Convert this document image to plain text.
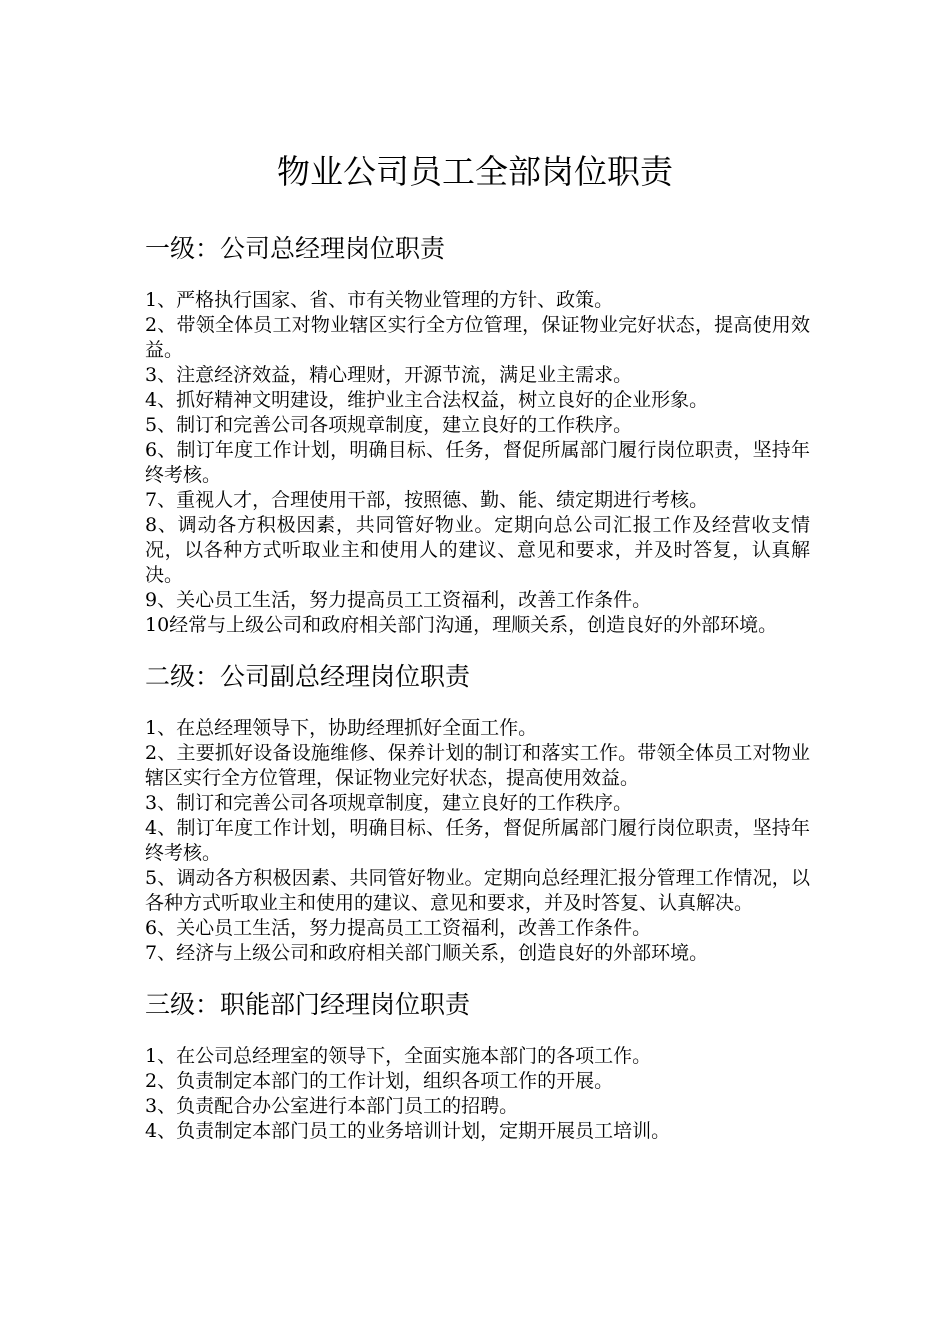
物业公司员工全部岗位职责
一级：公司总经理岗位职责
1、严格执行国家、省、市有关物业管理的方针、政策。
2、带领全体员工对物业辖区实行全方位管理，保证物业完好状态，提高使用效益。
3、注意经济效益，精心理财，开源节流，满足业主需求。
4、抓好精神文明建设，维护业主合法权益，树立良好的企业形象。
5、制订和完善公司各项规章制度，建立良好的工作秩序。
6、制订年度工作计划，明确目标、任务，督促所属部门履行岗位职责，坚持年终考核。
7、重视人才，合理使用干部，按照德、勤、能、绩定期进行考核。
8、调动各方积极因素，共同管好物业。定期向总公司汇报工作及经营收支情况，以各种方式听取业主和使用人的建议、意见和要求，并及时答复，认真解决。
9、关心员工生活，努力提高员工工资福利，改善工作条件。
10经常与上级公司和政府相关部门沟通，理顺关系，创造良好的外部环境。
二级：公司副总经理岗位职责
1、在总经理领导下，协助经理抓好全面工作。
2、主要抓好设备设施维修、保养计划的制订和落实工作。带领全体员工对物业辖区实行全方位管理，保证物业完好状态，提高使用效益。
3、制订和完善公司各项规章制度，建立良好的工作秩序。
4、制订年度工作计划，明确目标、任务，督促所属部门履行岗位职责，坚持年终考核。
5、调动各方积极因素、共同管好物业。定期向总经理汇报分管理工作情况，以各种方式听取业主和使用的建议、意见和要求，并及时答复、认真解决。
6、关心员工生活，努力提高员工工资福利，改善工作条件。
7、经济与上级公司和政府相关部门顺关系，创造良好的外部环境。
三级：职能部门经理岗位职责
1、在公司总经理室的领导下，全面实施本部门的各项工作。
2、负责制定本部门的工作计划，组织各项工作的开展。
3、负责配合办公室进行本部门员工的招聘。
4、负责制定本部门员工的业务培训计划，定期开展员工培训。
